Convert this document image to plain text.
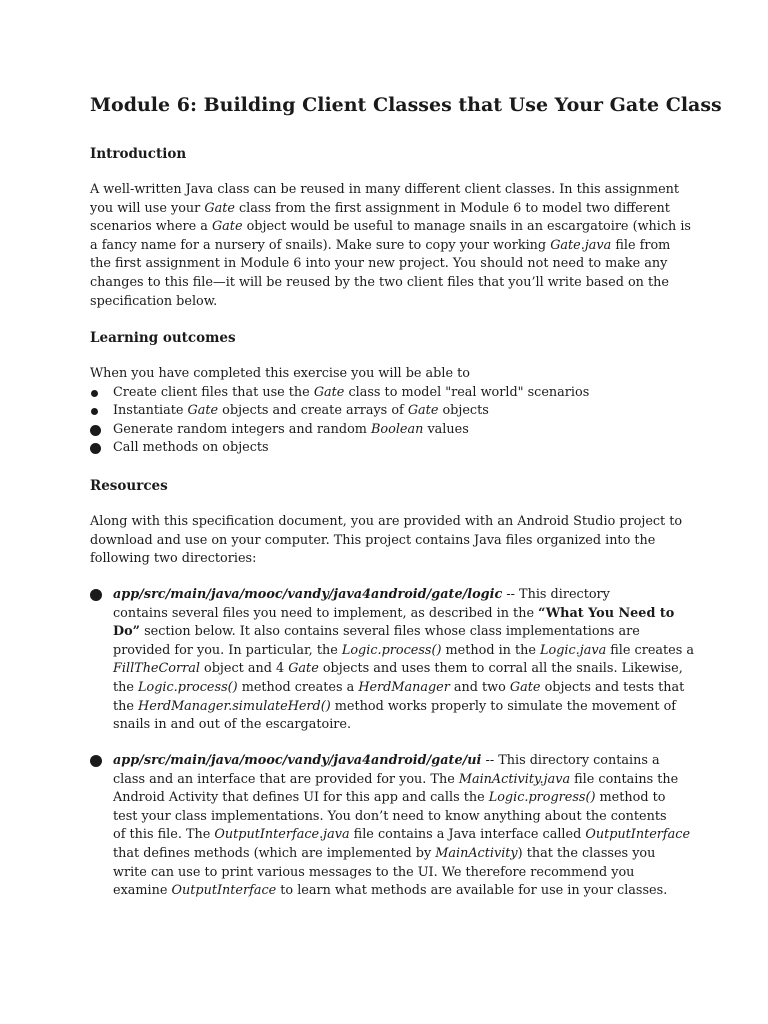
Module 6: Building Client Classes that Use Your Gate Class
Introduction
A well-written Java class can be reused in many different client classes. In this assignment
you will use your Gate class from the first assignment in Module 6 to model two different
scenarios where a Gate object would be useful to manage snails in an escargatoire (which is
a fancy name for a nursery of snails). Make sure to copy your working Gate.java file from
the first assignment in Module 6 into your new project. You should not need to make any
changes to this file—it will be reused by the two client files that you’ll write based on the
specification below.
Learning outcomes
When you have completed this exercise you will be able to
Create client files that use the Gate class to model "real world" scenarios
Instantiate Gate objects and create arrays of Gate objects
Generate random integers and random Boolean values
Call methods on objects
Resources
Along with this specification document, you are provided with an Android Studio project to
download and use on your computer. This project contains Java files organized into the
following two directories:
app/src/main/java/mooc/vandy/java4android/gate/logic -- This directory
contains several files you need to implement, as described in the “What You Need to
Do” section below. It also contains several files whose class implementations are
provided for you. In particular, the Logic.process() method in the Logic.java file creates a
FillTheCorral object and 4 Gate objects and uses them to corral all the snails. Likewise,
the Logic.process() method creates a HerdManager and two Gate objects and tests that
the HerdManager.simulateHerd() method works properly to simulate the movement of
snails in and out of the escargatoire.
app/src/main/java/mooc/vandy/java4android/gate/ui -- This directory contains a
class and an interface that are provided for you. The MainActivity.java file contains the
Android Activity that defines UI for this app and calls the Logic.progress() method to
test your class implementations. You don’t need to know anything about the contents
of this file. The OutputInterface.java file contains a Java interface called OutputInterface
that defines methods (which are implemented by MainActivity) that the classes you
write can use to print various messages to the UI. We therefore recommend you
examine OutputInterface to learn what methods are available for use in your classes.
